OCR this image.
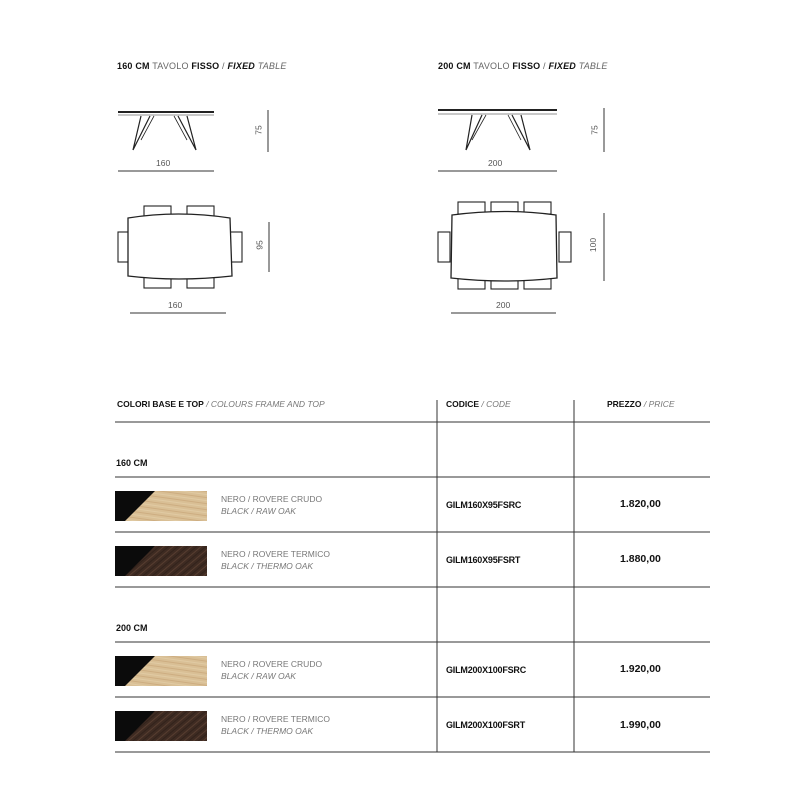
160 CM TAVOLO FISSO / FIXED TABLE	200 CM TAVOLO FISSO / FIXED TABLE
160
75
160
95
200
75
200
100
COLORI BASE E TOP / COLOURS FRAME AND TOP	CODICE / CODE	PREZZO / PRICE
160 CM
NERO / ROVERE CRUDO
BLACK / RAW OAK
GILM160X95FSRC	1.820,00
NERO / ROVERE TERMICO
BLACK / THERMO OAK
GILM160X95FSRT	1.880,00
200 CM
NERO / ROVERE CRUDO
BLACK / RAW OAK
GILM200X100FSRC	1.920,00
NERO / ROVERE TERMICO
BLACK / THERMO OAK
GILM200X100FSRT	1.990,00
